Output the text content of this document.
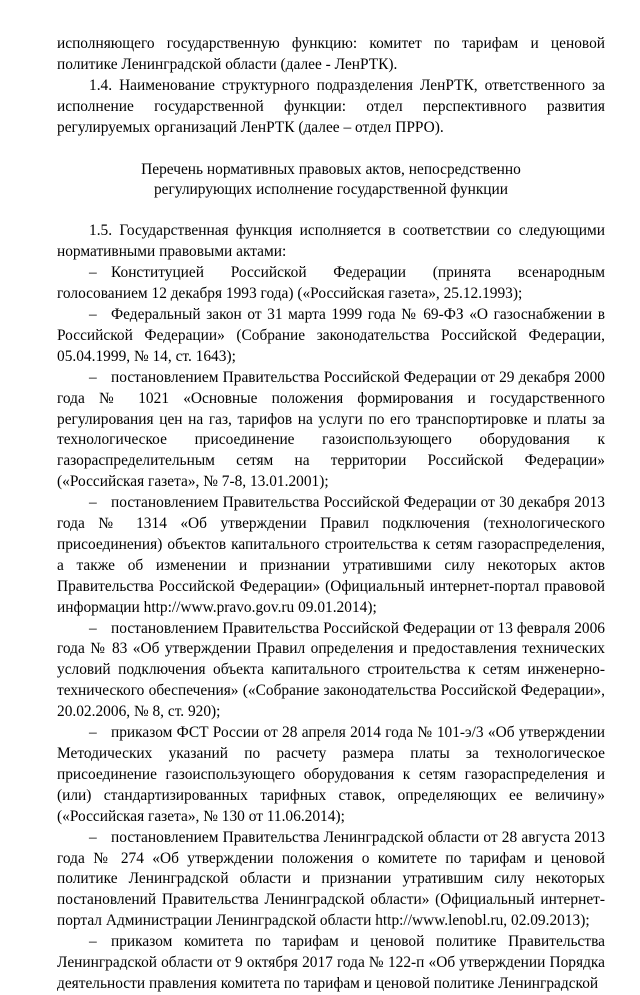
исполняющего государственную функцию: комитет по тарифам и ценовой политике Ленинградской области (далее - ЛенРТК).

1.4. Наименование структурного подразделения ЛенРТК, ответственного за исполнение государственной функции: отдел перспективного развития регулируемых организаций ЛенРТК (далее – отдел ПРРО).

Перечень нормативных правовых актов, непосредственно

регулирующих исполнение государственной функции

1.5. Государственная функция исполняется в соответствии со следующими нормативными правовыми актами:

– Конституцией Российской Федерации (принята всенародным голосованием 12 декабря 1993 года) («Российская газета», 25.12.1993);

– Федеральный закон от 31 марта 1999 года № 69-ФЗ «О газоснабжении в Российской Федерации» (Собрание законодательства Российской Федерации, 05.04.1999, № 14, ст. 1643);

– постановлением Правительства Российской Федерации от 29 декабря 2000 года № 1021 «Основные положения формирования и государственного регулирования цен на газ, тарифов на услуги по его транспортировке и платы за технологическое присоединение газоиспользующего оборудования к газораспределительным сетям на территории Российской Федерации» («Российская газета», № 7-8, 13.01.2001);

– постановлением Правительства Российской Федерации от 30 декабря 2013 года № 1314 «Об утверждении Правил подключения (технологического присоединения) объектов капитального строительства к сетям газораспределения, а также об изменении и признании утратившими силу некоторых актов Правительства Российской Федерации» (Официальный интернет-портал правовой информации http://www.pravo.gov.ru 09.01.2014);

– постановлением Правительства Российской Федерации от 13 февраля 2006 года № 83 «Об утверждении Правил определения и предоставления технических условий подключения объекта капитального строительства к сетям инженерно-технического обеспечения» («Собрание законодательства Российской Федерации», 20.02.2006, № 8, ст. 920);

– приказом ФСТ России от 28 апреля 2014 года № 101-э/3 «Об утверждении Методических указаний по расчету размера платы за технологическое присоединение газоиспользующего оборудования к сетям газораспределения и (или) стандартизированных тарифных ставок, определяющих ее величину» («Российская газета», № 130 от 11.06.2014);

– постановлением Правительства Ленинградской области от 28 августа 2013 года № 274 «Об утверждении положения о комитете по тарифам и ценовой политике Ленинградской области и признании утратившим силу некоторых постановлений Правительства Ленинградской области» (Официальный интернет-портал Администрации Ленинградской области http://www.lenobl.ru, 02.09.2013);

– приказом комитета по тарифам и ценовой политике Правительства Ленинградской области от 9 октября 2017 года № 122-п «Об утверждении Порядка деятельности правления комитета по тарифам и ценовой политике Ленинградской
